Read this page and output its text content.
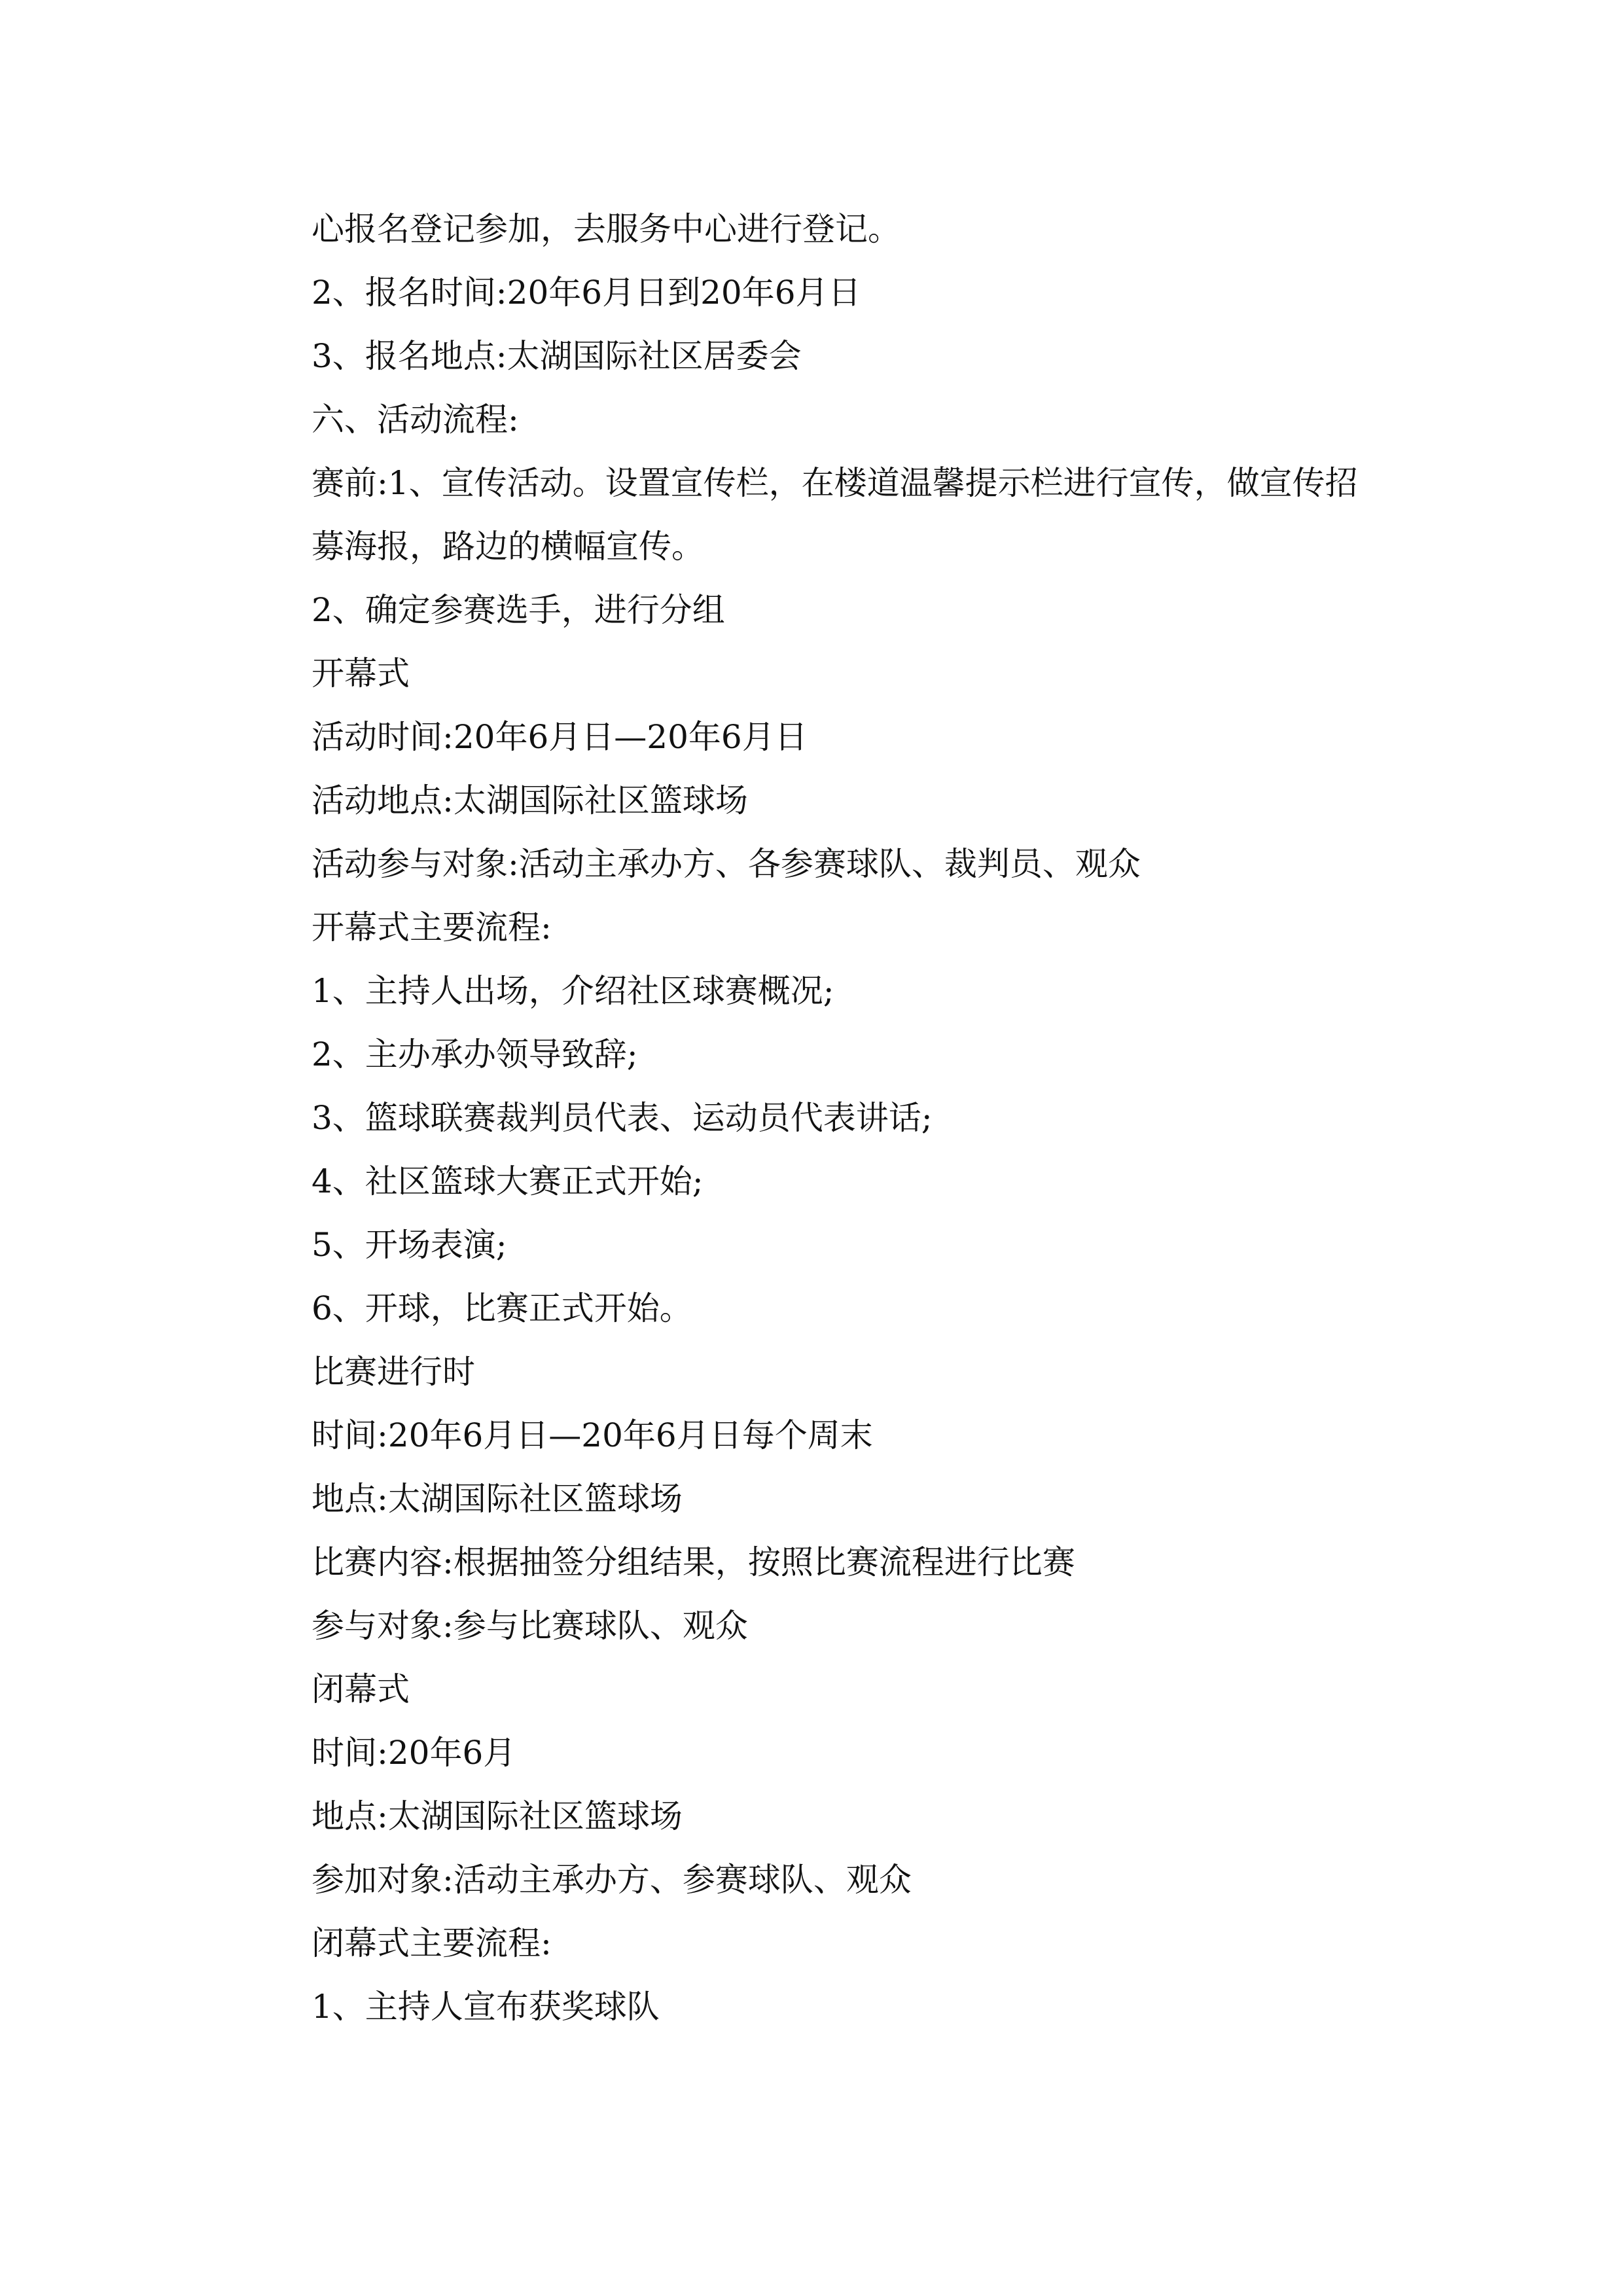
心报名登记参加，去服务中心进行登记。
2、报名时间:20年6月日到20年6月日
3、报名地点:太湖国际社区居委会
六、活动流程:
赛前:1、宣传活动。设置宣传栏，在楼道温馨提示栏进行宣传，做宣传招
募海报，路边的横幅宣传。
2、确定参赛选手，进行分组
开幕式
活动时间:20年6月日—20年6月日
活动地点:太湖国际社区篮球场
活动参与对象:活动主承办方、各参赛球队、裁判员、观众
开幕式主要流程:
1、主持人出场，介绍社区球赛概况;
2、主办承办领导致辞;
3、篮球联赛裁判员代表、运动员代表讲话;
4、社区篮球大赛正式开始;
5、开场表演;
6、开球，比赛正式开始。
比赛进行时
时间:20年6月日—20年6月日每个周末
地点:太湖国际社区篮球场
比赛内容:根据抽签分组结果，按照比赛流程进行比赛
参与对象:参与比赛球队、观众
闭幕式
时间:20年6月
地点:太湖国际社区篮球场
参加对象:活动主承办方、参赛球队、观众
闭幕式主要流程:
1、主持人宣布获奖球队
